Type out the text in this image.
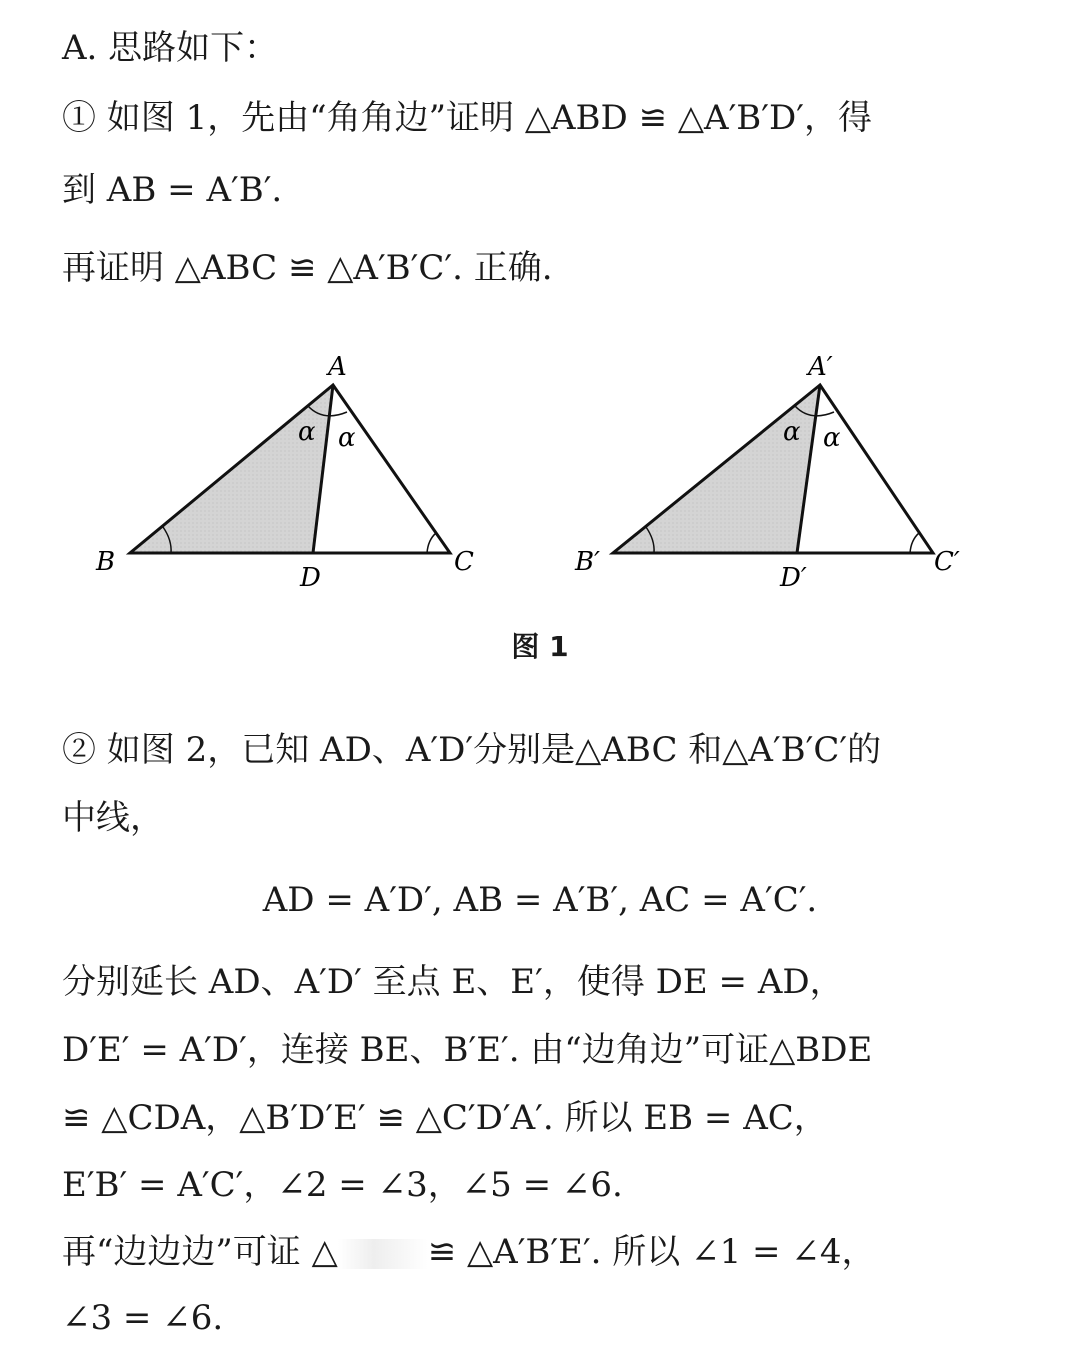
A. 思路如下：
① 如图 1，先由“角角边”证明 △ABD ≌ △A′B′D′，得
到 AB = A′B′.
再证明 △ABC ≌ △A′B′C′. 正确.
A
B	C
D
α α
A′
B′	C′
D′
α α
图 1
② 如图 2，已知 AD、A′D′分别是△ABC 和△A′B′C′的
中线，
AD = A′D′, AB = A′B′, AC = A′C′.
分别延长 AD、A′D′ 至点 E、E′，使得 DE = AD，
D′E′ = A′D′，连接 BE、B′E′. 由“边角边”可证△BDE
≌ △CDA，△B′D′E′ ≌ △C′D′A′. 所以 EB = AC，
E′B′ = A′C′，∠2 = ∠3，∠5 = ∠6.
再“边边边”可证 △	≌ △A′B′E′. 所以 ∠1 = ∠4，
∠3 = ∠6.
